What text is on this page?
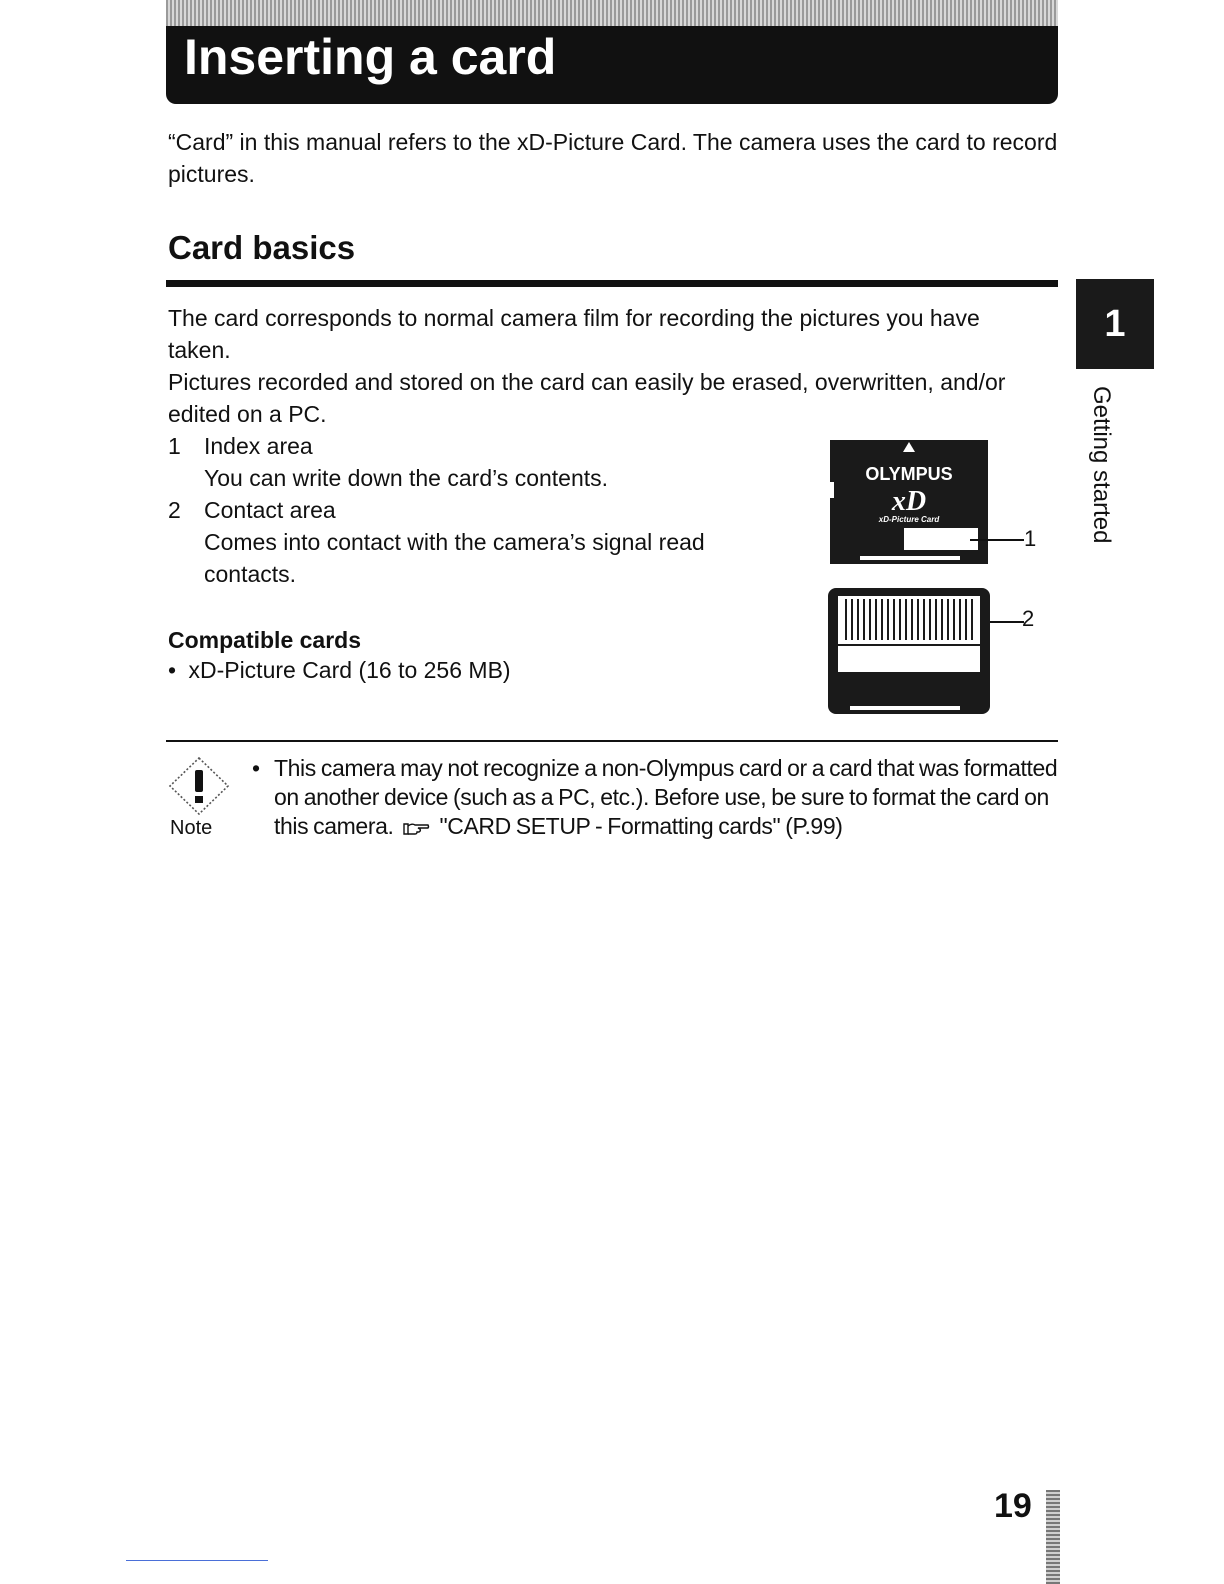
Inserting a card

“Card” in this manual refers to the xD-Picture Card. The camera uses the card to record pictures.

Card basics
1
Getting started

The card corresponds to normal camera film for recording the pictures you have taken.

Pictures recorded and stored on the card can easily be erased, overwritten, and/or edited on a PC.

1	Index area
You can write down the card’s contents.
2	Contact area
Comes into contact with the camera’s signal read contacts.
OLYMPUS
xD
xD-Picture Card
1
2
Compatible cards
• xD-Picture Card (16 to 256 MB)
Note
• This camera may not recognize a non-Olympus card or a card that was formatted on another device (such as a PC, etc.). Before use, be sure to format the card on this camera. "CARD SETUP - Formatting cards" (P.99)
19
